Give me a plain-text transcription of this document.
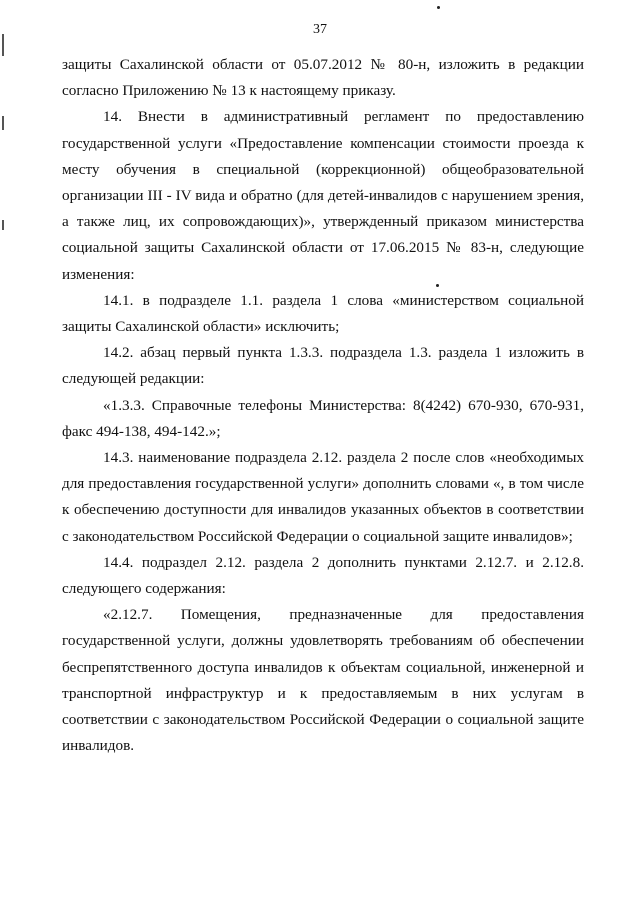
37

защиты Сахалинской области от 05.07.2012 № 80-н, изложить в редакции согласно Приложению № 13 к настоящему приказу.

14. Внести в административный регламент по предоставлению государственной услуги «Предоставление компенсации стоимости проезда к месту обучения в специальной (коррекционной) общеобразовательной организации III - IV вида и обратно (для детей-инвалидов с нарушением зрения, а также лиц, их сопровождающих)», утвержденный приказом министерства социальной защиты Сахалинской области от 17.06.2015 № 83-н, следующие изменения:

14.1. в подразделе 1.1. раздела 1 слова «министерством социальной защиты Сахалинской области» исключить;

14.2. абзац первый пункта 1.3.3. подраздела 1.3. раздела 1 изложить в следующей редакции:

«1.3.3. Справочные телефоны Министерства: 8(4242) 670-930, 670-931, факс 494-138, 494-142.»;

14.3. наименование подраздела 2.12. раздела 2 после слов «необходимых для предоставления государственной услуги» дополнить словами «, в том числе к обеспечению доступности для инвалидов указанных объектов в соответствии с законодательством Российской Федерации о социальной защите инвалидов»;

14.4. подраздел 2.12. раздела 2 дополнить пунктами 2.12.7. и 2.12.8. следующего содержания:

«2.12.7. Помещения, предназначенные для предоставления государственной услуги, должны удовлетворять требованиям об обеспечении беспрепятственного доступа инвалидов к объектам социальной, инженерной и транспортной инфраструктур и к предоставляемым в них услугам в соответствии с законодательством Российской Федерации о социальной защите инвалидов.
